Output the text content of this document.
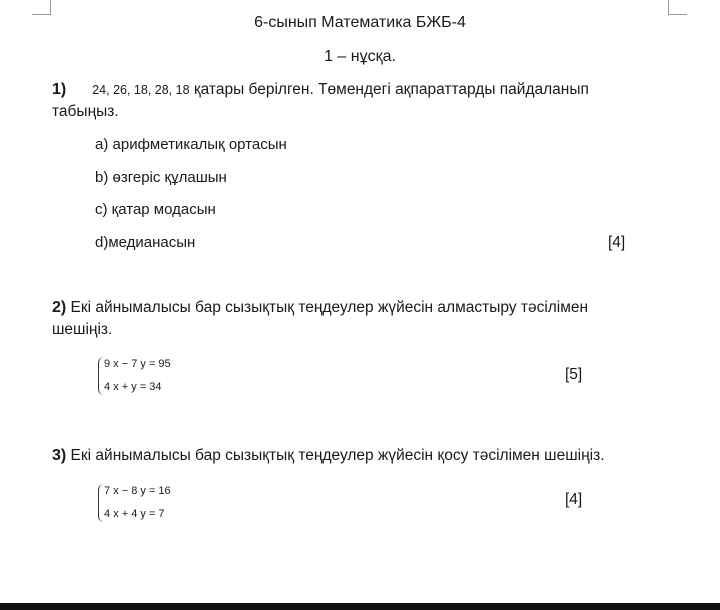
6-сынып Математика БЖБ-4
1 – нұсқа.
1) 24, 26, 18, 28, 18 қатары берілген. Төмендегі ақпараттарды пайдаланып
табыңыз.
a) арифметикалық ортасын
b) өзгеріс құлашын
c) қатар модасын
d)медианасын	[4]
2) Екі айнымалысы бар сызықтық теңдеулер жүйесін алмастыру тәсілімен
шешіңіз.
9 x − 7 y = 95
4 x + y = 34
[5]
3) Екі айнымалысы бар сызықтық теңдеулер жүйесін қосу тәсілімен шешіңіз.
7 x − 8 y = 16
4 x + 4 y = 7
[4]
